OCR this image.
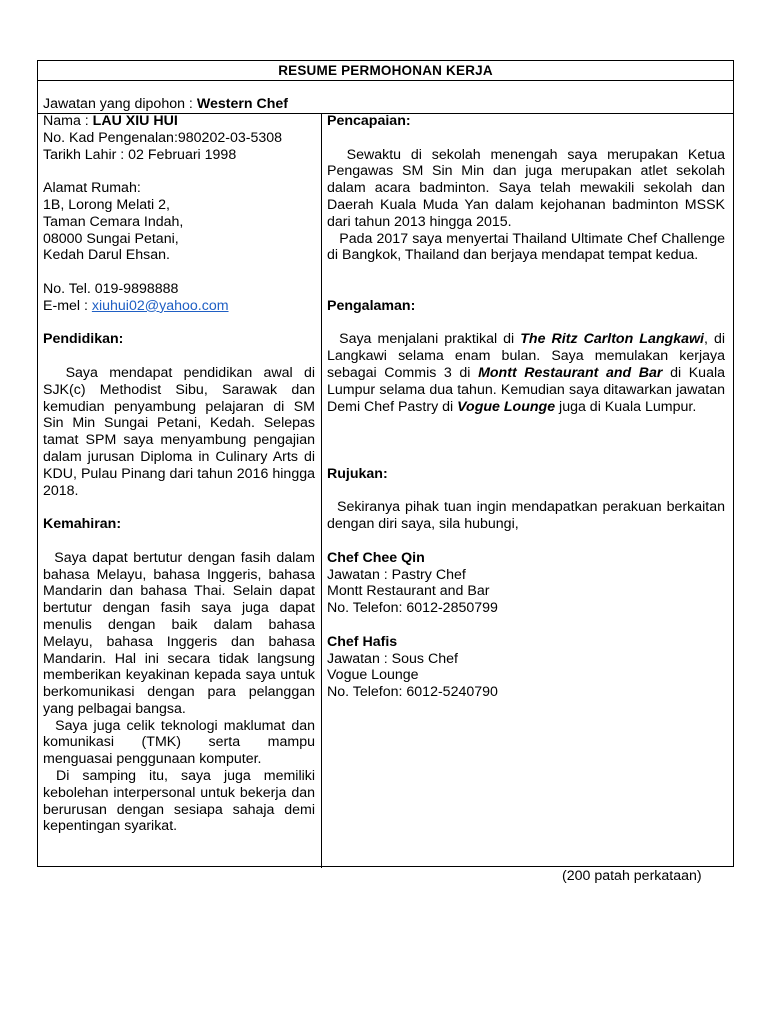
RESUME PERMOHONAN KERJA
Jawatan yang dipohon : Western Chef
Nama : LAU XIU HUI
No. Kad Pengenalan:980202-03-5308
Tarikh Lahir : 02 Februari 1998
Alamat Rumah:
1B, Lorong Melati 2,
Taman Cemara Indah,
08000 Sungai Petani,
Kedah Darul Ehsan.
No. Tel. 019-9898888
E-mel : xiuhui02@yahoo.com
Pendidikan:

Saya mendapat pendidikan awal di SJK(c) Methodist Sibu, Sarawak dan kemudian penyambung pelajaran di SM Sin Min Sungai Petani, Kedah. Selepas tamat SPM saya menyambung pengajian dalam jurusan Diploma in Culinary Arts di KDU, Pulau Pinang dari tahun 2016 hingga 2018.

Kemahiran:

Saya dapat bertutur dengan fasih dalam bahasa Melayu, bahasa Inggeris, bahasa Mandarin dan bahasa Thai. Selain dapat bertutur dengan fasih saya juga dapat menulis dengan baik dalam bahasa Melayu, bahasa Inggeris dan bahasa Mandarin. Hal ini secara tidak langsung memberikan keyakinan kepada saya untuk berkomunikasi dengan para pelanggan yang pelbagai bangsa.

Saya juga celik teknologi maklumat dan komunikasi (TMK) serta mampu menguasai penggunaan komputer.

Di samping itu, saya juga memiliki kebolehan interpersonal untuk bekerja dan berurusan dengan sesiapa sahaja demi kepentingan syarikat.

Pencapaian:

Sewaktu di sekolah menengah saya merupakan Ketua Pengawas SM Sin Min dan juga merupakan atlet sekolah dalam acara badminton. Saya telah mewakili sekolah dan Daerah Kuala Muda Yan dalam kejohanan badminton MSSK dari tahun 2013 hingga 2015.

Pada 2017 saya menyertai Thailand Ultimate Chef Challenge di Bangkok, Thailand dan berjaya mendapat tempat kedua.

Pengalaman:

Saya menjalani praktikal di The Ritz Carlton Langkawi, di Langkawi selama enam bulan. Saya memulakan kerjaya sebagai Commis 3 di Montt Restaurant and Bar di Kuala Lumpur selama dua tahun. Kemudian saya ditawarkan jawatan Demi Chef Pastry di Vogue Lounge juga di Kuala Lumpur.

Rujukan:

Sekiranya pihak tuan ingin mendapatkan perakuan berkaitan dengan diri saya, sila hubungi,

Chef Chee Qin
Jawatan : Pastry Chef
Montt Restaurant and Bar
No. Telefon: 6012-2850799
Chef Hafis
Jawatan : Sous Chef
Vogue Lounge
No. Telefon: 6012-5240790
(200 patah perkataan)
